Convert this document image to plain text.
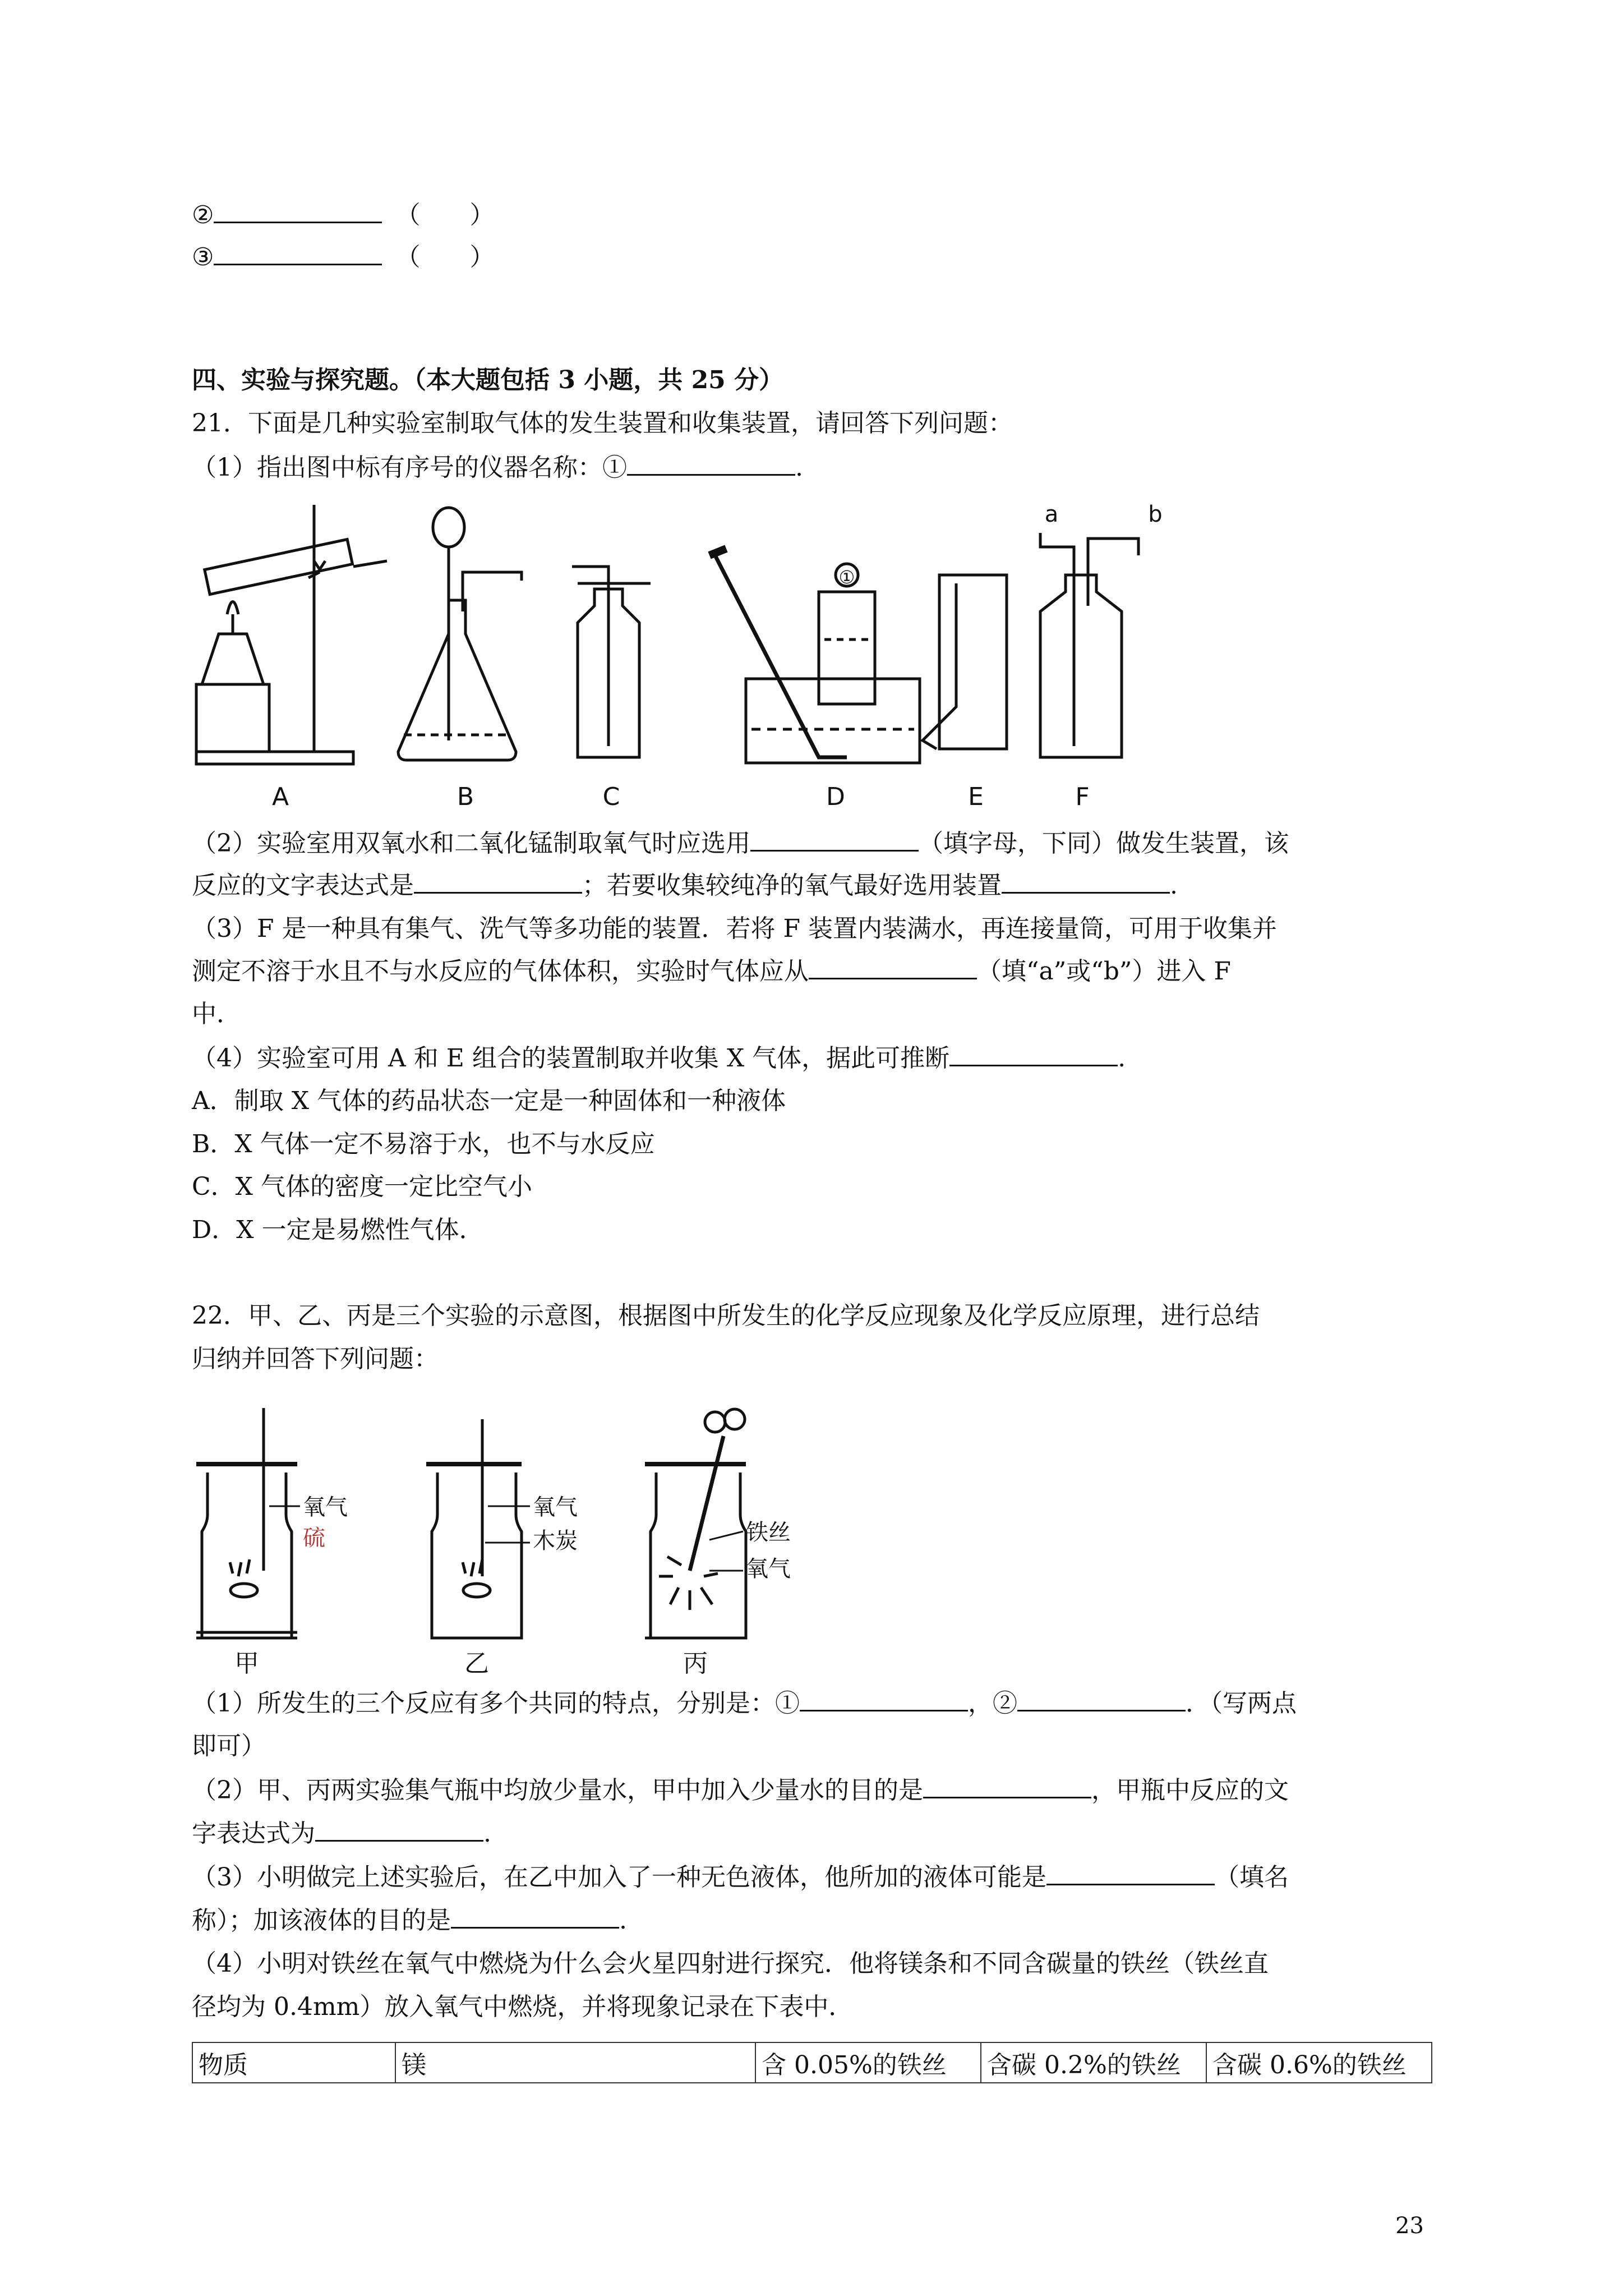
②	（　　）
③	（　　）
四、实验与探究题。（本大题包括 3 小题，共 25 分）
21．下面是几种实验室制取气体的发生装置和收集装置，请回答下列问题：
（1）指出图中标有序号的仪器名称：①	.
A	B	C	D	E	F
①
a	b
（2）实验室用双氧水和二氧化锰制取氧气时应选用	（填字母，下同）做发生装置，该
反应的文字表达式是	；若要收集较纯净的氧气最好选用装置	.
（3）F 是一种具有集气、洗气等多功能的装置．若将 F 装置内装满水，再连接量筒，可用于收集并
测定不溶于水且不与水反应的气体体积，实验时气体应从	（填“a”或“b”）进入 F
中．
（4）实验室可用 A 和 E 组合的装置制取并收集 X 气体，据此可推断	.
A．制取 X 气体的药品状态一定是一种固体和一种液体
B．X 气体一定不易溶于水，也不与水反应
C．X 气体的密度一定比空气小
D．X 一定是易燃性气体．
22．甲、乙、丙是三个实验的示意图，根据图中所发生的化学反应现象及化学反应原理，进行总结
归纳并回答下列问题：
氧气
硫
氧气
木炭	铁丝
氧气
甲	乙	丙
（1）所发生的三个反应有多个共同的特点，分别是：①	，②	．（写两点
即可）
（2）甲、丙两实验集气瓶中均放少量水，甲中加入少量水的目的是	，甲瓶中反应的文
字表达式为	.
（3）小明做完上述实验后，在乙中加入了一种无色液体，他所加的液体可能是	（填名
称）；加该液体的目的是	.
（4）小明对铁丝在氧气中燃烧为什么会火星四射进行探究．他将镁条和不同含碳量的铁丝（铁丝直
径均为 0.4mm）放入氧气中燃烧，并将现象记录在下表中．
物质	镁	含 0.05%的铁丝	含碳 0.2%的铁丝	含碳 0.6%的铁丝
23
